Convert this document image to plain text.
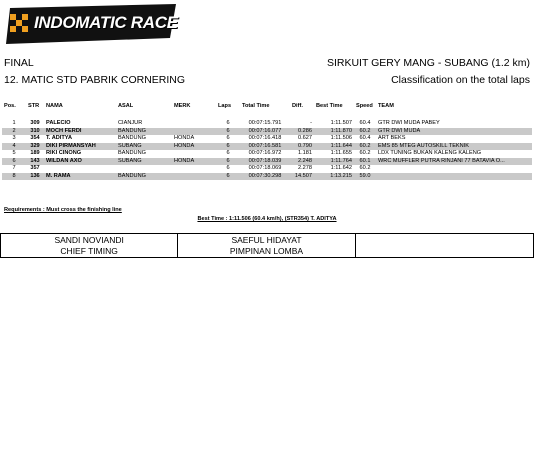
INDOMATIC RACE
FINAL	SIRKUIT GERY MANG - SUBANG (1.2 km)
12. MATIC STD PABRIK CORNERING	Classification on the total laps
Pos.	STR	NAMA	ASAL	MERK	Laps	Total Time	Diff.	Best Time	Speed	TEAM

1	309	PALECIO	CIANJUR		6	00:07:15.791	-	1:11.507	60.4	GTR DWI MUDA PABEY
2	310	MOCH FERDI	BANDUNG		6	00:07:16.077	0.286	1:11.870	60.2	GTR DWI MUDA
3	354	T. ADITYA	BANDUNG	HONDA	6	00:07:16.418	0.627	1:11.506	60.4	ART BEKS
4	329	DIKI PIRMANSYAH	SUBANG	HONDA	6	00:07:16.581	0.790	1:11.644	60.2	EMS 85 MTEG AUTOSKILL TEKNIK
5	189	RIKI CINONG	BANDUNG		6	00:07:16.972	1.181	1:11.655	60.2	LDX TUNING BUKAN KALENG KALENG
6	143	WILDAN AXO	SUBANG	HONDA	6	00:07:18.039	2.248	1:11.764	60.1	WRC MUFFLER PUTRA RINJANI 77 BATAVIA O...
7	357				6	00:07:18.069	2.278	1:11.642	60.2	
8	136	M. RAMA	BANDUNG		6	00:07:30.298	14.507	1:13.215	59.0	
Requirements : Must cross the finishing line
Best Time : 1:11.506 (60.4 km/h), (STR354) T. ADITYA
SANDI NOVIANDI
CHIEF TIMING
SAEFUL HIDAYAT
PIMPINAN LOMBA
